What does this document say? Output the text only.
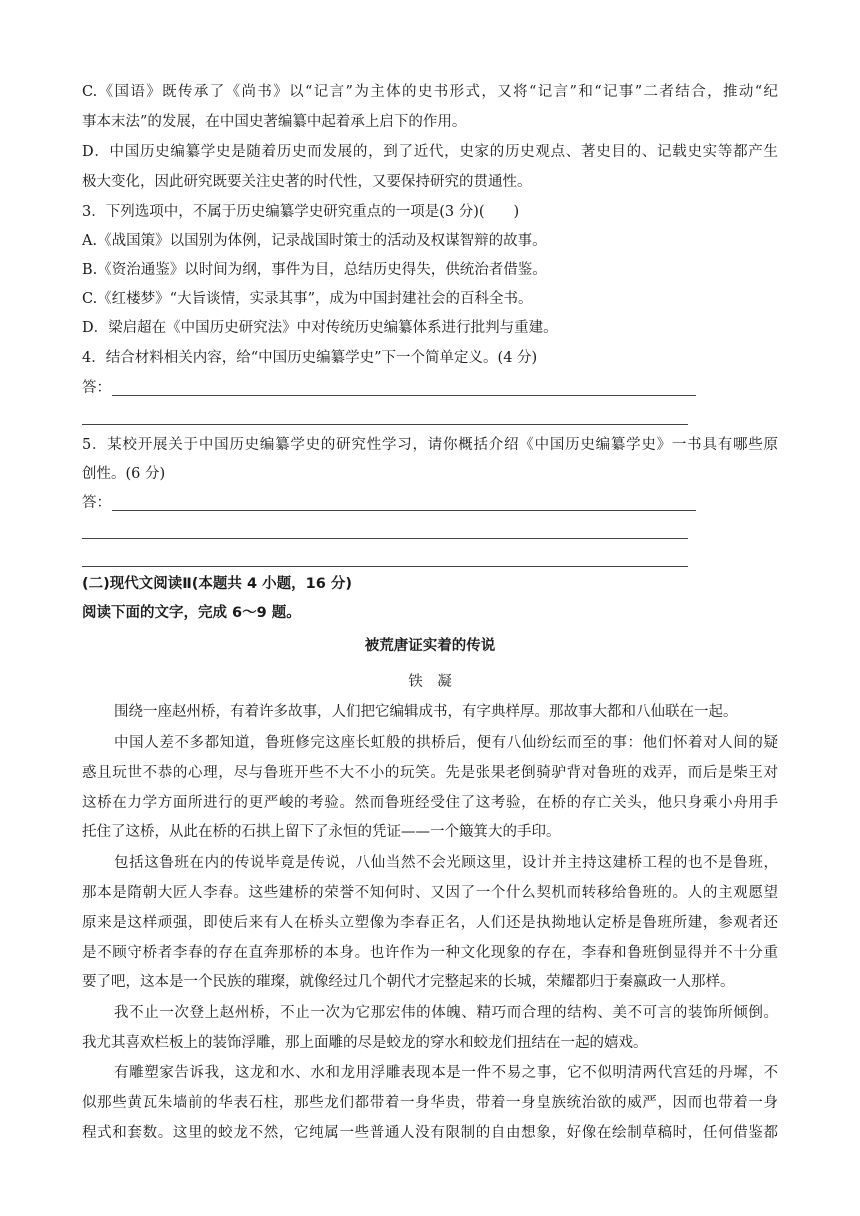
C.《国语》既传承了《尚书》以“记言”为主体的史书形式，又将“记言”和“记事”二者结合，推动“纪
事本末法”的发展，在中国史著编纂中起着承上启下的作用。
D．中国历史编纂学史是随着历史而发展的，到了近代，史家的历史观点、著史目的、记载史实等都产生
极大变化，因此研究既要关注史著的时代性，又要保持研究的贯通性。
3．下列选项中，不属于历史编纂学史研究重点的一项是(3 分)(　　)
A.《战国策》以国别为体例，记录战国时策士的活动及权谋智辩的故事。
B.《资治通鉴》以时间为纲，事件为目，总结历史得失，供统治者借鉴。
C.《红楼梦》“大旨谈情，实录其事”，成为中国封建社会的百科全书。
D．梁启超在《中国历史研究法》中对传统历史编纂体系进行批判与重建。
4．结合材料相关内容，给“中国历史编纂学史”下一个简单定义。(4 分)
答：
5．某校开展关于中国历史编纂学史的研究性学习，请你概括介绍《中国历史编纂学史》一书具有哪些原
创性。(6 分)
答：
(二)现代文阅读Ⅱ(本题共 4 小题，16 分)
阅读下面的文字，完成 6～9 题。
被荒唐证实着的传说
铁　凝
围绕一座赵州桥，有着许多故事，人们把它编辑成书，有字典样厚。那故事大都和八仙联在一起。
中国人差不多都知道，鲁班修完这座长虹般的拱桥后，便有八仙纷纭而至的事：他们怀着对人间的疑
惑且玩世不恭的心理，尽与鲁班开些不大不小的玩笑。先是张果老倒骑驴背对鲁班的戏弄，而后是柴王对
这桥在力学方面所进行的更严峻的考验。然而鲁班经受住了这考验，在桥的存亡关头，他只身乘小舟用手
托住了这桥，从此在桥的石拱上留下了永恒的凭证——一个簸箕大的手印。
包括这鲁班在内的传说毕竟是传说，八仙当然不会光顾这里，设计并主持这建桥工程的也不是鲁班，
那本是隋朝大匠人李春。这些建桥的荣誉不知何时、又因了一个什么契机而转移给鲁班的。人的主观愿望
原来是这样顽强，即使后来有人在桥头立塑像为李春正名，人们还是执拗地认定桥是鲁班所建，参观者还
是不顾守桥者李春的存在直奔那桥的本身。也许作为一种文化现象的存在，李春和鲁班倒显得并不十分重
要了吧，这本是一个民族的璀璨，就像经过几个朝代才完整起来的长城，荣耀都归于秦嬴政一人那样。
我不止一次登上赵州桥，不止一次为它那宏伟的体魄、精巧而合理的结构、美不可言的装饰所倾倒。
我尤其喜欢栏板上的装饰浮雕，那上面雕的尽是蛟龙的穿水和蛟龙们扭结在一起的嬉戏。
有雕塑家告诉我，这龙和水、水和龙用浮雕表现本是一件不易之事，它不似明清两代宫廷的丹墀，不
似那些黄瓦朱墙前的华表石柱，那些龙们都带着一身华贵，带着一身皇族统治欲的威严，因而也带着一身
程式和套数。这里的蛟龙不然，它纯属一些普通人没有限制的自由想象，好像在绘制草稿时，任何借鉴都
